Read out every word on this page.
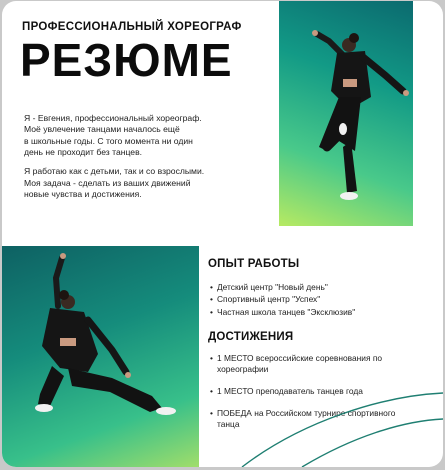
ПРОФЕССИОНАЛЬНЫЙ ХОРЕОГРАФ
РЕЗЮМЕ

Я - Евгения, профессиональный хореограф.
Моё увлечение танцами началось ещё
в школьные годы. С того момента ни один
день не проходит без танцев.

Я работаю как с детьми, так и со взрослыми.
Моя задача - сделать из ваших движений
новые чувства и достижения.

ОПЫТ РАБОТЫ
• Детский центр "Новый день"
• Спортивный центр "Успех"
• Частная школа танцев "Эксклюзив"
ДОСТИЖЕНИЯ
• 1 МЕСТО всероссийские соревнования по хореографии
• 1 МЕСТО преподаватель танцев года
• ПОБЕДА на Российском турнире спортивного танца
